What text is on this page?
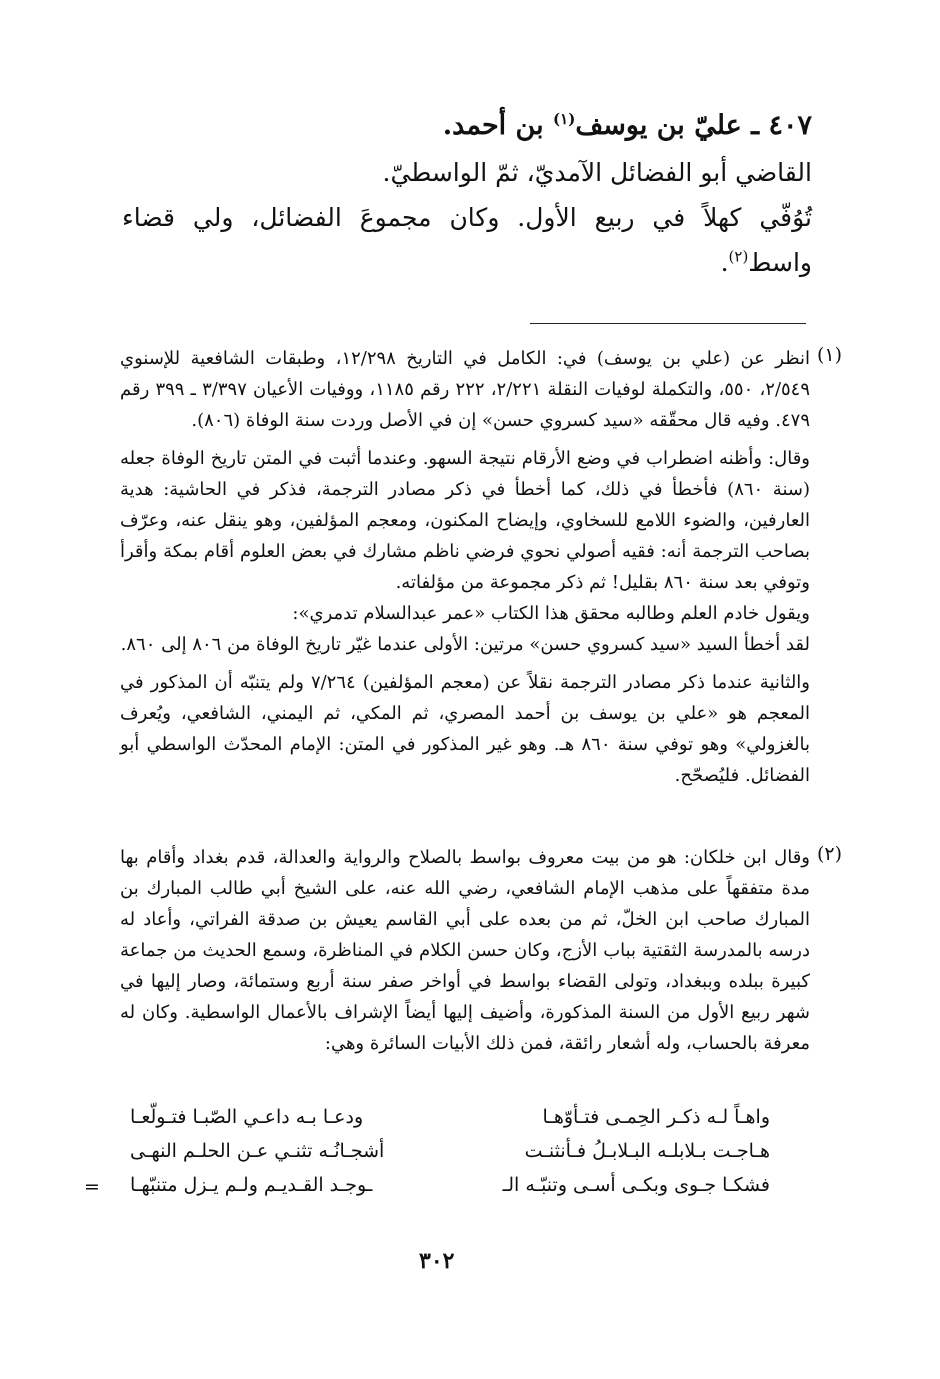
٤٠٧ ـ عليّ بن يوسف$^{(١)}$ بن أحمد.
القاضي أبو الفضائل الآمديّ، ثمّ الواسطيّ.
تُوُفّي كهلاً في ربيع الأول. وكان مجموعَ الفضائل، ولي قضاء
واسط$^{(٢)}$.
(١)

انظر عن (علي بن يوسف) في: الكامل في التاريخ ١٢/٢٩٨، وطبقات الشافعية للإسنوي ٢/٥٤٩، ٥٥٠، والتكملة لوفيات النقلة ٢/٢٢١، ٢٢٢ رقم ١١٨٥، ووفيات الأعيان ٣/٣٩٧ ـ ٣٩٩ رقم ٤٧٩. وفيه قال محقّقه «سيد كسروي حسن» إن في الأصل وردت سنة الوفاة (٨٠٦).

وقال: وأظنه اضطراب في وضع الأرقام نتيجة السهو. وعندما أثبت في المتن تاريخ الوفاة جعله (سنة ٨٦٠) فأخطأ في ذلك، كما أخطأ في ذكر مصادر الترجمة، فذكر في الحاشية: هدية العارفين، والضوء اللامع للسخاوي، وإيضاح المكنون، ومعجم المؤلفين، وهو ينقل عنه، وعرّف بصاحب الترجمة أنه: فقيه أصولي نحوي فرضي ناظم مشارك في بعض العلوم أقام بمكة وأقرأ وتوفي بعد سنة ٨٦٠ بقليل! ثم ذكر مجموعة من مؤلفاته.

ويقول خادم العلم وطالبه محقق هذا الكتاب «عمر عبدالسلام تدمري»:

لقد أخطأ السيد «سيد كسروي حسن» مرتين: الأولى عندما غيّر تاريخ الوفاة من ٨٠٦ إلى ٨٦٠.

والثانية عندما ذكر مصادر الترجمة نقلاً عن (معجم المؤلفين) ٧/٢٦٤ ولم يتنبّه أن المذكور في المعجم هو «علي بن يوسف بن أحمد المصري، ثم المكي، ثم اليمني، الشافعي، ويُعرف بالغزولي» وهو توفي سنة ٨٦٠ هـ. وهو غير المذكور في المتن: الإمام المحدّث الواسطي أبو الفضائل. فليُصحّح.

(٢)

وقال ابن خلكان: هو من بيت معروف بواسط بالصلاح والرواية والعدالة، قدم بغداد وأقام بها مدة متفقهاً على مذهب الإمام الشافعي، رضي الله عنه، على الشيخ أبي طالب المبارك بن المبارك صاحب ابن الخلّ، ثم من بعده على أبي القاسم يعيش بن صدقة الفراتي، وأعاد له درسه بالمدرسة الثقتية بباب الأزج، وكان حسن الكلام في المناظرة، وسمع الحديث من جماعة كبيرة ببلده وببغداد، وتولى القضاء بواسط في أواخر صفر سنة أربع وستمائة، وصار إليها في شهر ربيع الأول من السنة المذكورة، وأضيف إليها أيضاً الإشراف بالأعمال الواسطية. وكان له معرفة بالحساب، وله أشعار رائقة، فمن ذلك الأبيات السائرة وهي:

واهـاً لـه ذكـر الحِمـى فتـأوّهـا
ودعـا بـه داعـي الصّبـا فتـولّعـا
هـاجـت بـلابلـه البـلابـلُ فـأنثنـت
أشجـانُـه تثنـي عـن الحلـم النهـى
فشكـا جـوى وبكـى أسـى وتنبّـه الـ
ـوجـد القـديـم ولـم يـزل متنبّهـا
=
٣٠٢
